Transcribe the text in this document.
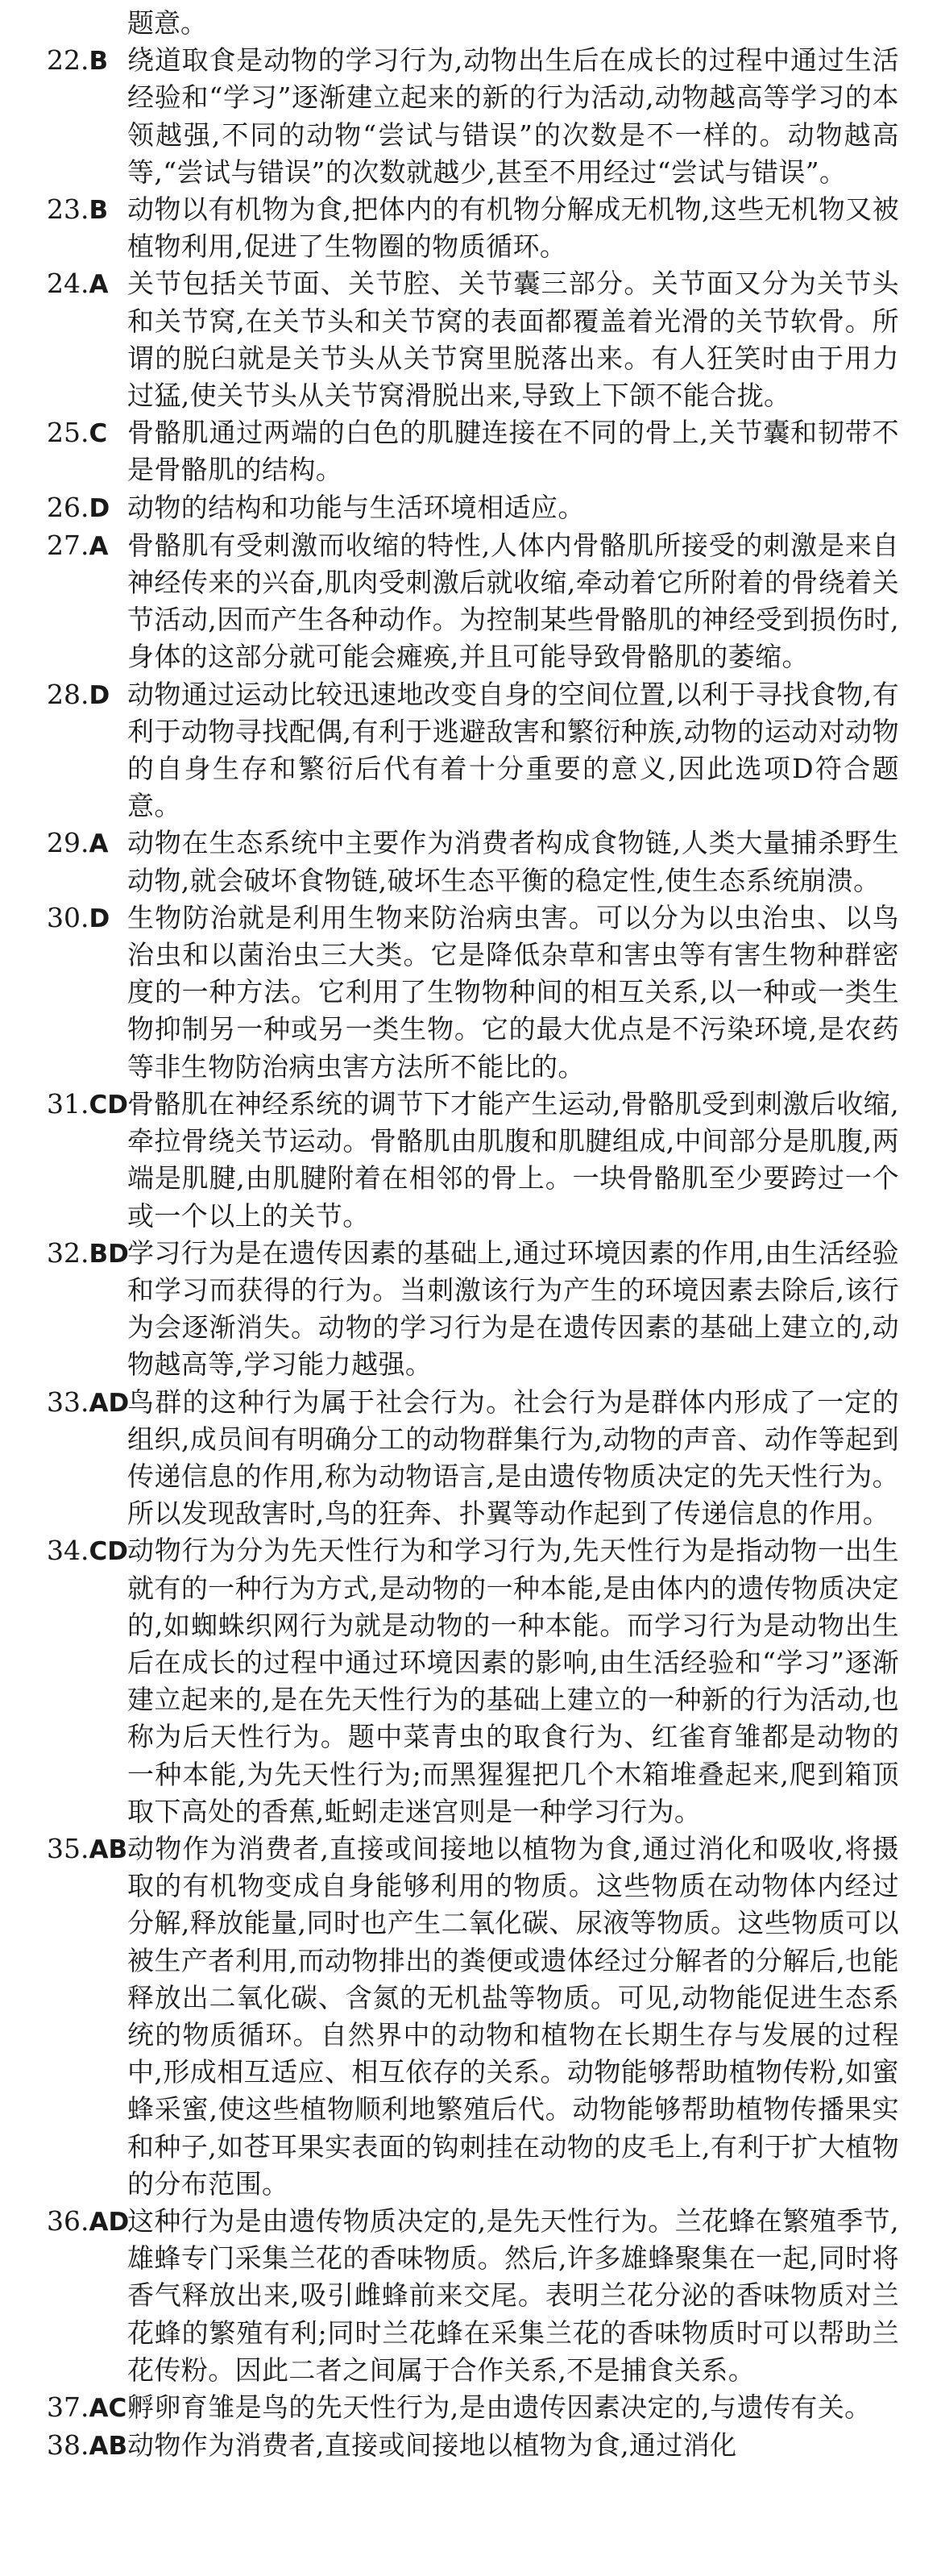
题意。

22.B 绕道取食是动物的学习行为,动物出生后在成长的过程中通过生活经验和“学习”逐渐建立起来的新的行为活动,动物越高等学习的本领越强,不同的动物“尝试与错误”的次数是不一样的。动物越高等,“尝试与错误”的次数就越少,甚至不用经过“尝试与错误”。
23.B 动物以有机物为食,把体内的有机物分解成无机物,这些无机物又被植物利用,促进了生物圈的物质循环。
24.A 关节包括关节面、关节腔、关节囊三部分。关节面又分为关节头和关节窝,在关节头和关节窝的表面都覆盖着光滑的关节软骨。所谓的脱臼就是关节头从关节窝里脱落出来。有人狂笑时由于用力过猛,使关节头从关节窝滑脱出来,导致上下颌不能合拢。
25.C 骨骼肌通过两端的白色的肌腱连接在不同的骨上,关节囊和韧带不是骨骼肌的结构。
26.D 动物的结构和功能与生活环境相适应。
27.A 骨骼肌有受刺激而收缩的特性,人体内骨骼肌所接受的刺激是来自神经传来的兴奋,肌肉受刺激后就收缩,牵动着它所附着的骨绕着关节活动,因而产生各种动作。为控制某些骨骼肌的神经受到损伤时,身体的这部分就可能会瘫痪,并且可能导致骨骼肌的萎缩。
28.D 动物通过运动比较迅速地改变自身的空间位置,以利于寻找食物,有利于动物寻找配偶,有利于逃避敌害和繁衍种族,动物的运动对动物的自身生存和繁衍后代有着十分重要的意义,因此选项D符合题意。
29.A 动物在生态系统中主要作为消费者构成食物链,人类大量捕杀野生动物,就会破坏食物链,破坏生态平衡的稳定性,使生态系统崩溃。
30.D 生物防治就是利用生物来防治病虫害。可以分为以虫治虫、以鸟治虫和以菌治虫三大类。它是降低杂草和害虫等有害生物种群密度的一种方法。它利用了生物物种间的相互关系,以一种或一类生物抑制另一种或另一类生物。它的最大优点是不污染环境,是农药等非生物防治病虫害方法所不能比的。
31.CD 骨骼肌在神经系统的调节下才能产生运动,骨骼肌受到刺激后收缩,牵拉骨绕关节运动。骨骼肌由肌腹和肌腱组成,中间部分是肌腹,两端是肌腱,由肌腱附着在相邻的骨上。一块骨骼肌至少要跨过一个或一个以上的关节。
32.BD
学习行为是在遗传因素的基础上,通过环境因素的作用,由生活经验和学习而获得的行为。当刺激该行为产生的环境因素去除后,该行为会逐渐消失。动物的学习行为是在遗传因素的基础上建立的,动物越高等,学习能力越强。
33.AD
鸟群的这种行为属于社会行为。社会行为是群体内形成了一定的组织,成员间有明确分工的动物群集行为,动物的声音、动作等起到传递信息的作用,称为动物语言,是由遗传物质决定的先天性行为。所以发现敌害时,鸟的狂奔、扑翼等动作起到了传递信息的作用。
34.CD 动物行为分为先天性行为和学习行为,先天性行为是指动物一出生就有的一种行为方式,是动物的一种本能,是由体内的遗传物质决定的,如蜘蛛织网行为就是动物的一种本能。而学习行为是动物出生后在成长的过程中通过环境因素的影响,由生活经验和“学习”逐渐建立起来的,是在先天性行为的基础上建立的一种新的行为活动,也称为后天性行为。题中菜青虫的取食行为、红雀育雏都是动物的一种本能,为先天性行为;而黑猩猩把几个木箱堆叠起来,爬到箱顶取下高处的香蕉,蚯蚓走迷宫则是一种学习行为。
35.AB 动物作为消费者,直接或间接地以植物为食,通过消化和吸收,将摄取的有机物变成自身能够利用的物质。这些物质在动物体内经过分解,释放能量,同时也产生二氧化碳、尿液等物质。这些物质可以被生产者利用,而动物排出的粪便或遗体经过分解者的分解后,也能释放出二氧化碳、含氮的无机盐等物质。可见,动物能促进生态系统的物质循环。自然界中的动物和植物在长期生存与发展的过程中,形成相互适应、相互依存的关系。动物能够帮助植物传粉,如蜜蜂采蜜,使这些植物顺利地繁殖后代。动物能够帮助植物传播果实和种子,如苍耳果实表面的钩刺挂在动物的皮毛上,有利于扩大植物的分布范围。
36.AD
这种行为是由遗传物质决定的,是先天性行为。兰花蜂在繁殖季节,雄蜂专门采集兰花的香味物质。然后,许多雄蜂聚集在一起,同时将香气释放出来,吸引雌蜂前来交尾。表明兰花分泌的香味物质对兰花蜂的繁殖有利;同时兰花蜂在采集兰花的香味物质时可以帮助兰花传粉。因此二者之间属于合作关系,不是捕食关系。
37.AC 孵卵育雏是鸟的先天性行为,是由遗传因素决定的,与遗传有关。
38.AB 动物作为消费者,直接或间接地以植物为食,通过消化
